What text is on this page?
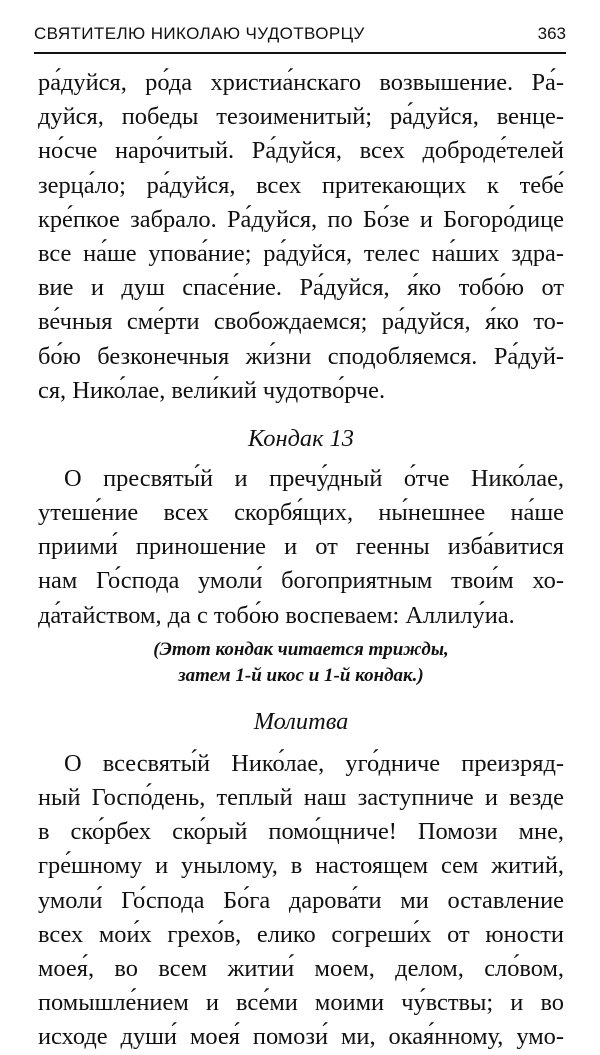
СВЯТИТЕЛЮ НИКОЛАЮ ЧУДОТВОРЦУ	363
ра́дуйся, ро́да христиа́нскаго возвышение. Ра́-
дуйся, победы тезоименитый; ра́дуйся, венце-
но́сче наро́читый. Ра́дуйся, всех доброде́телей
зерца́ло; ра́дуйся, всех притекающих к тебе́
кре́пкое забрало. Ра́дуйся, по Бо́зе и Богоро́дице
все на́ше упова́ние; ра́дуйся, телес на́ших здра-
вие и душ спасе́ние. Ра́дуйся, я́ко тобо́ю от
ве́чныя сме́рти свобождаемся; ра́дуйся, я́ко то-
бо́ю безконечныя жи́зни сподобляемся. Ра́дуй-
ся, Нико́лае, вели́кий чудотво́рче.
Кондак 13
О пресвяты́й и пречу́дный о́тче Нико́лае,
утеше́ние всех скорбя́щих, ны́нешнее на́ше
приими́ приношение и от геенны изба́витися
нам Го́спода умоли́ богоприятным твои́м хо-
да́тайством, да с тобо́ю воспеваем: Аллилу́иа.
(Этот кондак читается трижды,
затем 1-й икос и 1-й кондак.)
Молитва
О всесвяты́й Нико́лае, уго́дниче преизряд-
ный Госпо́день, теплый наш заступниче и везде
в ско́рбех ско́рый помо́щниче! Помози мне,
гре́шному и унылому, в настоящем сем житий,
умоли́ Го́спода Бо́га дарова́ти ми оставление
всех мои́х грехо́в, елико согреши́х от юности
моея́, во всем житии́ моем, делом, сло́вом,
помышле́нием и все́ми моими чу́вствы; и во
исходе души́ моея́ помози́ ми, окая́нному, умо-
